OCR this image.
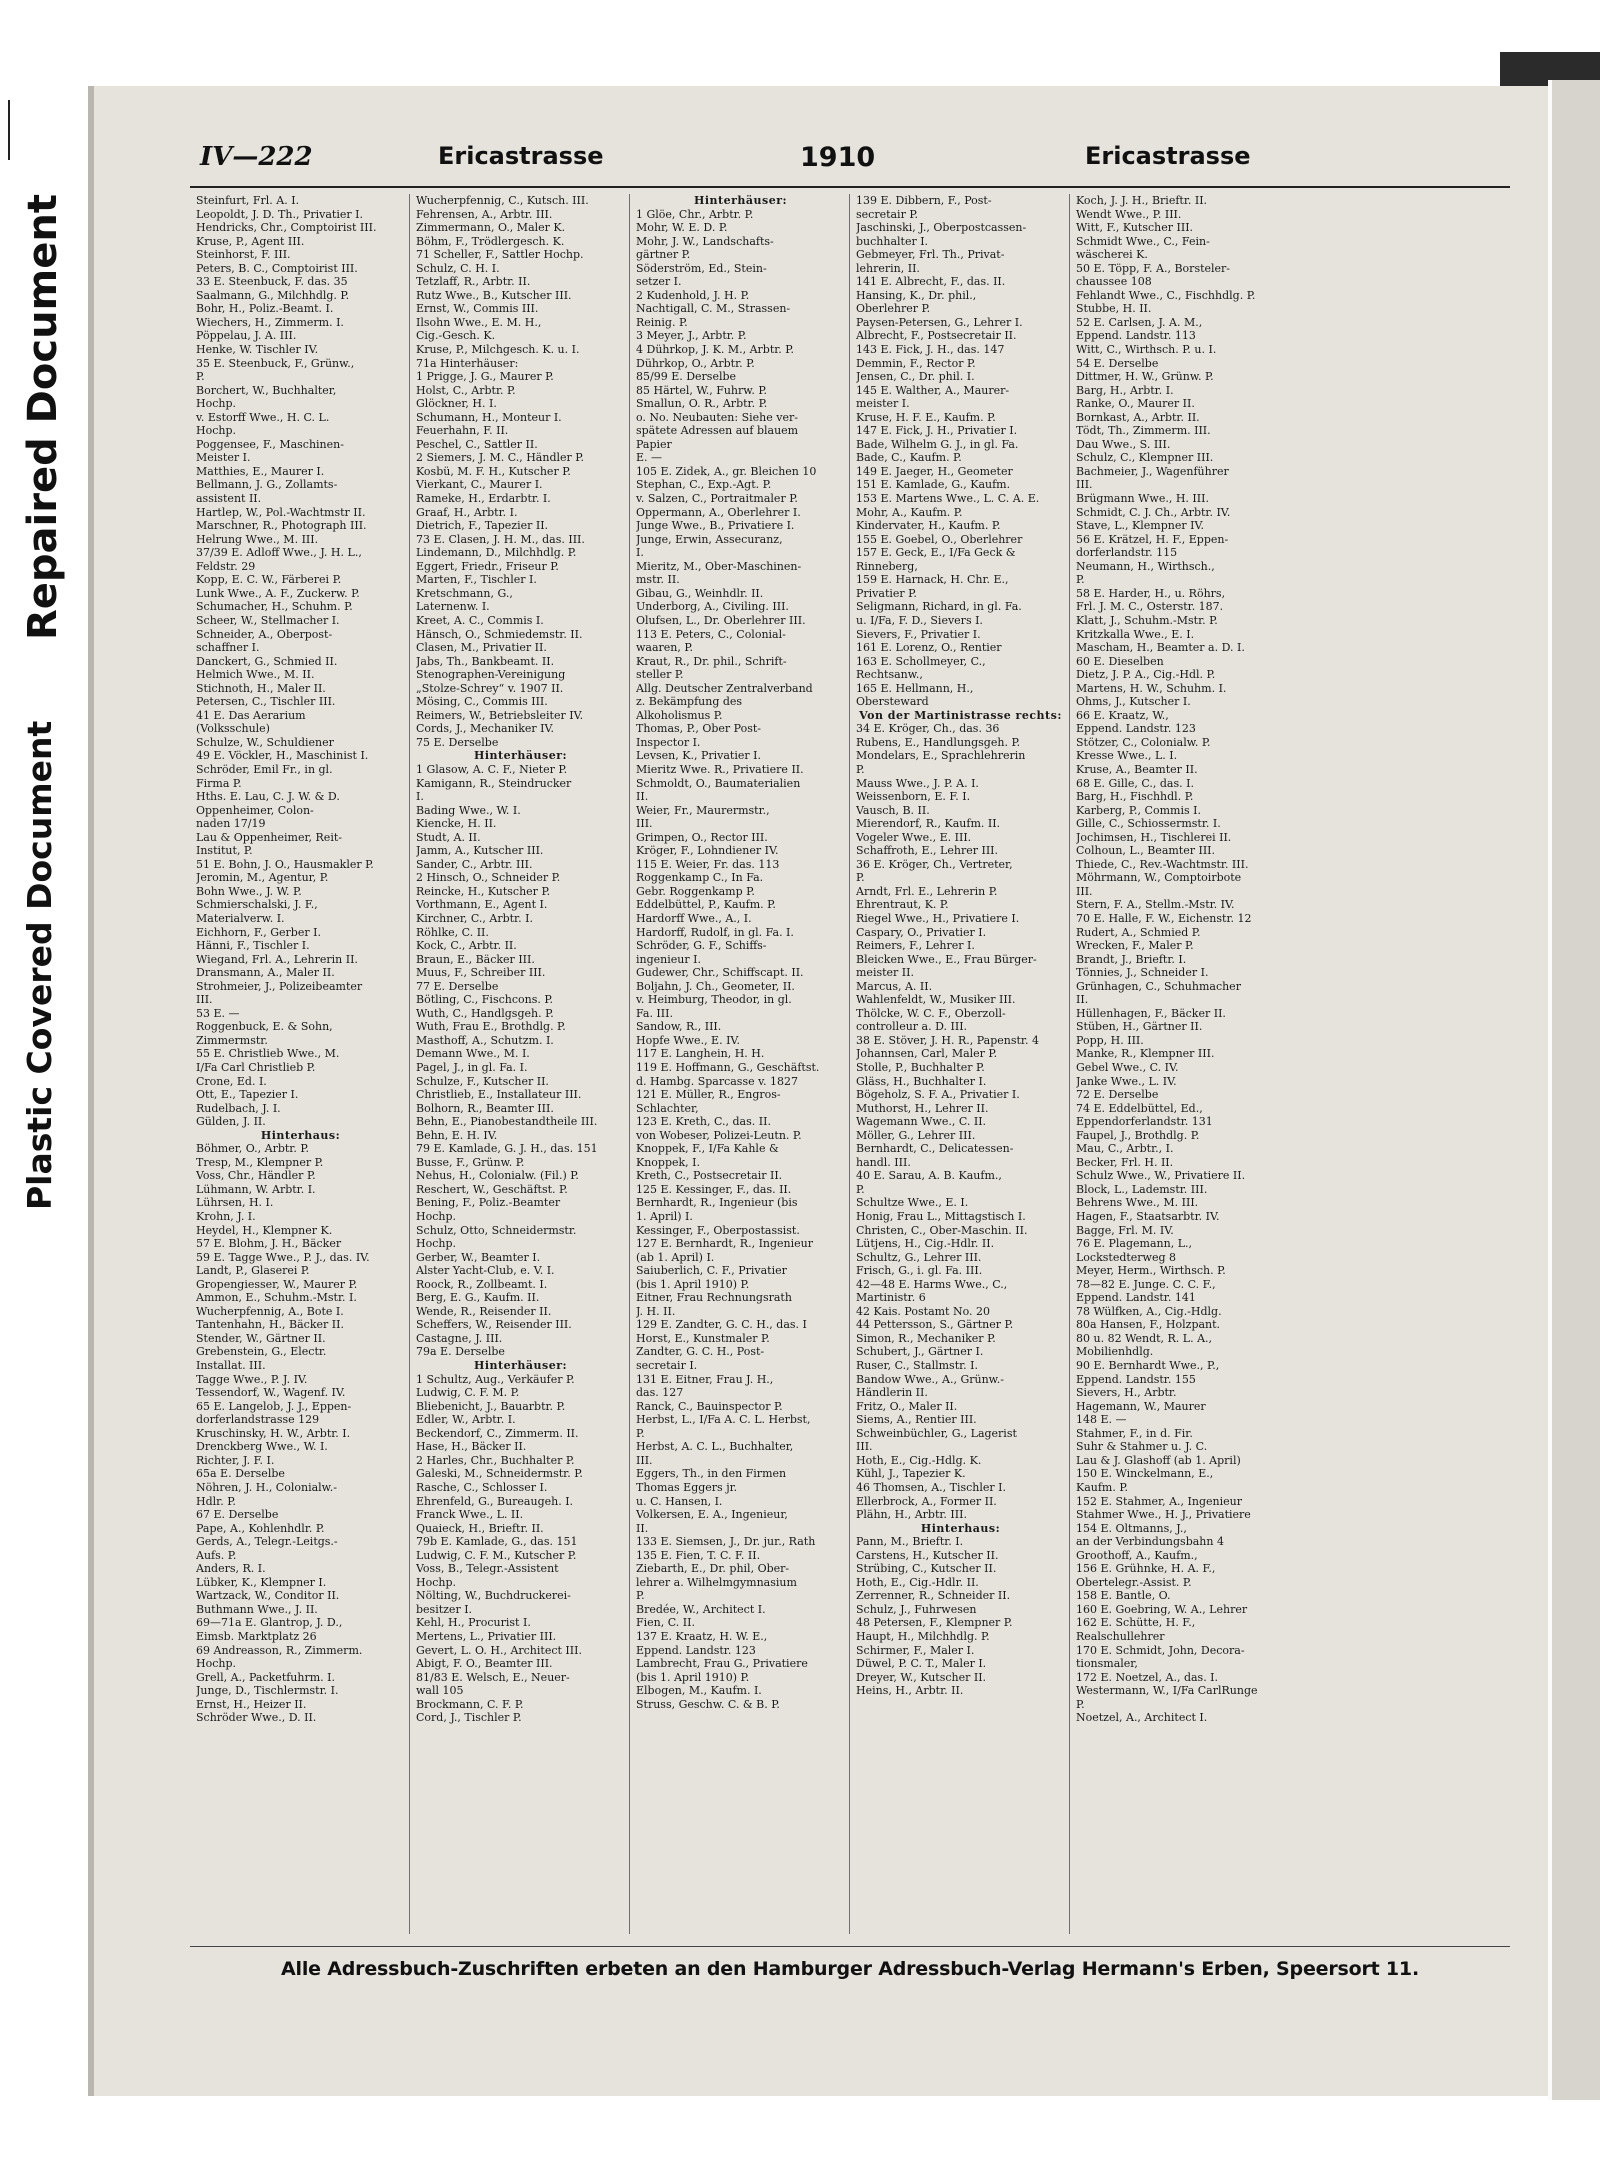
Repaired Document
Plastic Covered Document
IV—222	Ericastrasse	1910	Ericastrasse
Steinfurt, Frl. A. I.
Leopoldt, J. D. Th., Privatier I.
Hendricks, Chr., Comptoirist III.
Kruse, P., Agent III.
Steinhorst, F. III.
Peters, B. C., Comptoirist III.
33 E. Steenbuck, F. das. 35
Saalmann, G., Milchhdlg. P.
Bohr, H., Poliz.-Beamt. I.
Wiechers, H., Zimmerm. I.
Pöppelau, J. A. III.
Henke, W. Tischler IV.
35 E. Steenbuck, F., Grünw.,
P.
Borchert, W., Buchhalter,
Hochp.
v. Estorff Wwe., H. C. L.
Hochp.
Poggensee, F., Maschinen-
Meister I.
Matthies, E., Maurer I.
Bellmann, J. G., Zollamts-
assistent II.
Hartlep, W., Pol.-Wachtmstr II.
Marschner, R., Photograph III.
Helrung Wwe., M. III.
37/39 E. Adloff Wwe., J. H. L.,
Feldstr. 29
Kopp, E. C. W., Färberei P.
Lunk Wwe., A. F., Zuckerw. P.
Schumacher, H., Schuhm. P.
Scheer, W., Stellmacher I.
Schneider, A., Oberpost-
schaffner I.
Danckert, G., Schmied II.
Helmich Wwe., M. II.
Stichnoth, H., Maler II.
Petersen, C., Tischler III.
41 E. Das Aerarium
(Volksschule)
Schulze, W., Schuldiener
49 E. Vöckler, H., Maschinist I.
Schröder, Emil Fr., in gl.
Firma P.
Hths. E. Lau, C. J. W. & D.
Oppenheimer, Colon-
naden 17/19
Lau & Oppenheimer, Reit-
Institut, P.
51 E. Bohn, J. O., Hausmakler P.
Jeromin, M., Agentur, P.
Bohn Wwe., J. W. P.
Schmierschalski, J. F.,
Materialverw. I.
Eichhorn, F., Gerber I.
Hänni, F., Tischler I.
Wiegand, Frl. A., Lehrerin II.
Dransmann, A., Maler II.
Strohmeier, J., Polizeibeamter
III.
53 E. —
Roggenbuck, E. & Sohn,
Zimmermstr.
55 E. Christlieb Wwe., M.
I/Fa Carl Christlieb P.
Crone, Ed. I.
Ott, E., Tapezier I.
Rudelbach, J. I.
Gülden, J. II.
Hinterhaus:
Böhmer, O., Arbtr. P.
Tresp, M., Klempner P.
Voss, Chr., Händler P.
Lühmann, W. Arbtr. I.
Lührsen, H. I.
Krohn, J. I.
Heydel, H., Klempner K.
57 E. Blohm, J. H., Bäcker
59 E. Tagge Wwe., P. J., das. IV.
Landt, P., Glaserei P.
Gropengiesser, W., Maurer P.
Ammon, E., Schuhm.-Mstr. I.
Wucherpfennig, A., Bote I.
Tantenhahn, H., Bäcker II.
Stender, W., Gärtner II.
Grebenstein, G., Electr.
Installat. III.
Tagge Wwe., P. J. IV.
Tessendorf, W., Wagenf. IV.
65 E. Langelob, J. J., Eppen-
dorferlandstrasse 129
Kruschinsky, H. W., Arbtr. I.
Drenckberg Wwe., W. I.
Richter, J. F. I.
65a E. Derselbe
Nöhren, J. H., Colonialw.-
Hdlr. P.
67 E. Derselbe
Pape, A., Kohlenhdlr. P.
Gerds, A., Telegr.-Leitgs.-
Aufs. P.
Anders, R. I.
Lübker, K., Klempner I.
Wartzack, W., Conditor II.
Buthmann Wwe., J. II.
69—71a E. Glantrop, J. D.,
Eimsb. Marktplatz 26
69 Andreasson, R., Zimmerm.
Hochp.
Grell, A., Packetfuhrm. I.
Junge, D., Tischlermstr. I.
Ernst, H., Heizer II.
Schröder Wwe., D. II.
Wucherpfennig, C., Kutsch. III.
Fehrensen, A., Arbtr. III.
Zimmermann, O., Maler K.
Böhm, F., Trödlergesch. K.
71 Scheller, F., Sattler Hochp.
Schulz, C. H. I.
Tetzlaff, R., Arbtr. II.
Rutz Wwe., B., Kutscher III.
Ernst, W., Commis III.
Ilsohn Wwe., E. M. H.,
Cig.-Gesch. K.
Kruse, P., Milchgesch. K. u. I.
71a Hinterhäuser:
1 Prigge, J. G., Maurer P.
Holst, C., Arbtr. P.
Glöckner, H. I.
Schumann, H., Monteur I.
Feuerhahn, F. II.
Peschel, C., Sattler II.
2 Siemers, J. M. C., Händler P.
Kosbü, M. F. H., Kutscher P.
Vierkant, C., Maurer I.
Rameke, H., Erdarbtr. I.
Graaf, H., Arbtr. I.
Dietrich, F., Tapezier II.
73 E. Clasen, J. H. M., das. III.
Lindemann, D., Milchhdlg. P.
Eggert, Friedr., Friseur P.
Marten, F., Tischler I.
Kretschmann, G.,
Laternenw. I.
Kreet, A. C., Commis I.
Hänsch, O., Schmiedemstr. II.
Clasen, M., Privatier II.
Jabs, Th., Bankbeamt. II.
Stenographen-Vereinigung
„Stolze-Schrey“ v. 1907 II.
Mösing, C., Commis III.
Reimers, W., Betriebsleiter IV.
Cords, J., Mechaniker IV.
75 E. Derselbe
Hinterhäuser:
1 Glasow, A. C. F., Nieter P.
Kamigann, R., Steindrucker
I.
Bading Wwe., W. I.
Kiencke, H. II.
Studt, A. II.
Jamm, A., Kutscher III.
Sander, C., Arbtr. III.
2 Hinsch, O., Schneider P.
Reincke, H., Kutscher P.
Vorthmann, E., Agent I.
Kirchner, C., Arbtr. I.
Röhlke, C. II.
Kock, C., Arbtr. II.
Braun, E., Bäcker III.
Muus, F., Schreiber III.
77 E. Derselbe
Bötling, C., Fischcons. P.
Wuth, C., Handlgsgeh. P.
Wuth, Frau E., Brothdlg. P.
Masthoff, A., Schutzm. I.
Demann Wwe., M. I.
Pagel, J., in gl. Fa. I.
Schulze, F., Kutscher II.
Christlieb, E., Installateur III.
Bolhorn, R., Beamter III.
Behn, E., Pianobestandtheile III.
Behn, E. H. IV.
79 E. Kamlade, G. J. H., das. 151
Busse, F., Grünw. P.
Nehus, H., Colonialw. (Fil.) P.
Reschert, W., Geschäftst. P.
Bening, F., Poliz.-Beamter
Hochp.
Schulz, Otto, Schneidermstr.
Hochp.
Gerber, W., Beamter I.
Alster Yacht-Club, e. V. I.
Roock, R., Zollbeamt. I.
Berg, E. G., Kaufm. II.
Wende, R., Reisender II.
Scheffers, W., Reisender III.
Castagne, J. III.
79a E. Derselbe
Hinterhäuser:
1 Schultz, Aug., Verkäufer P.
Ludwig, C. F. M. P.
Bliebenicht, J., Bauarbtr. P.
Edler, W., Arbtr. I.
Beckendorf, C., Zimmerm. II.
Hase, H., Bäcker II.
2 Harles, Chr., Buchhalter P.
Galeski, M., Schneidermstr. P.
Rasche, C., Schlosser I.
Ehrenfeld, G., Bureaugeh. I.
Franck Wwe., L. II.
Quaieck, H., Brieftr. II.
79b E. Kamlade, G., das. 151
Ludwig, C. F. M., Kutscher P.
Voss, B., Telegr.-Assistent
Hochp.
Nölting, W., Buchdruckerei-
besitzer I.
Kehl, H., Procurist I.
Mertens, L., Privatier III.
Gevert, L. O. H., Architect III.
Abigt, F. O., Beamter III.
81/83 E. Welsch, E., Neuer-
wall 105
Brockmann, C. F. P.
Cord, J., Tischler P.
Hinterhäuser:
1 Glöe, Chr., Arbtr. P.
Mohr, W. E. D. P.
Mohr, J. W., Landschafts-
gärtner P.
Söderström, Ed., Stein-
setzer I.
2 Kudenhold, J. H. P.
Nachtigall, C. M., Strassen-
Reinig. P.
3 Meyer, J., Arbtr. P.
4 Dührkop, J. K. M., Arbtr. P.
Dührkop, O., Arbtr. P.
85/99 E. Derselbe
85 Härtel, W., Fuhrw. P.
Smallun, O. R., Arbtr. P.
o. No. Neubauten: Siehe ver-
spätete Adressen auf blauem
Papier
E. —
105 E. Zidek, A., gr. Bleichen 10
Stephan, C., Exp.-Agt. P.
v. Salzen, C., Portraitmaler P.
Oppermann, A., Oberlehrer I.
Junge Wwe., B., Privatiere I.
Junge, Erwin, Assecuranz,
I.
Mieritz, M., Ober-Maschinen-
mstr. II.
Gibau, G., Weinhdlr. II.
Underborg, A., Civiling. III.
Olufsen, L., Dr. Oberlehrer III.
113 E. Peters, C., Colonial-
waaren, P.
Kraut, R., Dr. phil., Schrift-
steller P.
Allg. Deutscher Zentralverband
z. Bekämpfung des
Alkoholismus P.
Thomas, P., Ober Post-
Inspector I.
Levsen, K., Privatier I.
Mieritz Wwe. R., Privatiere II.
Schmoldt, O., Baumaterialien
II.
Weier, Fr., Maurermstr.,
III.
Grimpen, O., Rector III.
Kröger, F., Lohndiener IV.
115 E. Weier, Fr. das. 113
Roggenkamp C., In Fa.
Gebr. Roggenkamp P.
Eddelbüttel, P., Kaufm. P.
Hardorff Wwe., A., I.
Hardorff, Rudolf, in gl. Fa. I.
Schröder, G. F., Schiffs-
ingenieur I.
Gudewer, Chr., Schiffscapt. II.
Boljahn, J. Ch., Geometer, II.
v. Heimburg, Theodor, in gl.
Fa. III.
Sandow, R., III.
Hopfe Wwe., E. IV.
117 E. Langhein, H. H.
119 E. Hoffmann, G., Geschäftst.
d. Hambg. Sparcasse v. 1827
121 E. Müller, R., Engros-
Schlachter,
123 E. Kreth, C., das. II.
von Wobeser, Polizei-Leutn. P.
Knoppek, F., I/Fa Kahle &
Knoppek, I.
Kreth, C., Postsecretair II.
125 E. Kessinger, F., das. II.
Bernhardt, R., Ingenieur (bis
1. April) I.
Kessinger, F., Oberpostassist.
127 E. Bernhardt, R., Ingenieur
(ab 1. April) I.
Saiuberlich, C. F., Privatier
(bis 1. April 1910) P.
Eitner, Frau Rechnungsrath
J. H. II.
129 E. Zandter, G. C. H., das. I
Horst, E., Kunstmaler P.
Zandter, G. C. H., Post-
secretair I.
131 E. Eitner, Frau J. H.,
das. 127
Ranck, C., Bauinspector P.
Herbst, L., I/Fa A. C. L. Herbst,
P.
Herbst, A. C. L., Buchhalter,
III.
Eggers, Th., in den Firmen
Thomas Eggers jr.
u. C. Hansen, I.
Volkersen, E. A., Ingenieur,
II.
133 E. Siemsen, J., Dr. jur., Rath
135 E. Fien, T. C. F. II.
Ziebarth, E., Dr. phil, Ober-
lehrer a. Wilhelmgymnasium
P.
Bredée, W., Architect I.
Fien, C. II.
137 E. Kraatz, H. W. E.,
Eppend. Landstr. 123
Lambrecht, Frau G., Privatiere
(bis 1. April 1910) P.
Elbogen, M., Kaufm. I.
Struss, Geschw. C. & B. P.
139 E. Dibbern, F., Post-
secretair P.
Jaschinski, J., Oberpostcassen-
buchhalter I.
Gebmeyer, Frl. Th., Privat-
lehrerin, II.
141 E. Albrecht, F., das. II.
Hansing, K., Dr. phil.,
Oberlehrer P.
Paysen-Petersen, G., Lehrer I.
Albrecht, F., Postsecretair II.
143 E. Fick, J. H., das. 147
Demmin, F., Rector P.
Jensen, C., Dr. phil. I.
145 E. Walther, A., Maurer-
meister I.
Kruse, H. F. E., Kaufm. P.
147 E. Fick, J. H., Privatier I.
Bade, Wilhelm G. J., in gl. Fa.
Bade, C., Kaufm. P.
149 E. Jaeger, H., Geometer
151 E. Kamlade, G., Kaufm.
153 E. Martens Wwe., L. C. A. E.
Mohr, A., Kaufm. P.
Kindervater, H., Kaufm. P.
155 E. Goebel, O., Oberlehrer
157 E. Geck, E., I/Fa Geck &
Rinneberg,
159 E. Harnack, H. Chr. E.,
Privatier P.
Seligmann, Richard, in gl. Fa.
u. I/Fa, F. D., Sievers I.
Sievers, F., Privatier I.
161 E. Lorenz, O., Rentier
163 E. Schollmeyer, C.,
Rechtsanw.,
165 E. Hellmann, H.,
Obersteward
Von der Martinistrasse rechts:
34 E. Kröger, Ch., das. 36
Rubens, E., Handlungsgeh. P.
Mondelars, E., Sprachlehrerin
P.
Mauss Wwe., J. P. A. I.
Weissenborn, E. F. I.
Vausch, B. II.
Mierendorf, R., Kaufm. II.
Vogeler Wwe., E. III.
Schaffroth, E., Lehrer III.
36 E. Kröger, Ch., Vertreter,
P.
Arndt, Frl. E., Lehrerin P.
Ehrentraut, K. P.
Riegel Wwe., H., Privatiere I.
Caspary, O., Privatier I.
Reimers, F., Lehrer I.
Bleicken Wwe., E., Frau Bürger-
meister II.
Marcus, A. II.
Wahlenfeldt, W., Musiker III.
Thölcke, W. C. F., Oberzoll-
controlleur a. D. III.
38 E. Stöver, J. H. R., Papenstr. 4
Johannsen, Carl, Maler P.
Stolle, P., Buchhalter P.
Gläss, H., Buchhalter I.
Bögeholz, S. F. A., Privatier I.
Muthorst, H., Lehrer II.
Wagemann Wwe., C. II.
Möller, G., Lehrer III.
Bernhardt, C., Delicatessen-
handl. III.
40 E. Sarau, A. B. Kaufm.,
P.
Schultze Wwe., E. I.
Honig, Frau L., Mittagstisch I.
Christen, C., Ober-Maschin. II.
Lütjens, H., Cig.-Hdlr. II.
Schultz, G., Lehrer III.
Frisch, G., i. gl. Fa. III.
42—48 E. Harms Wwe., C.,
Martinistr. 6
42 Kais. Postamt No. 20
44 Pettersson, S., Gärtner P.
Simon, R., Mechaniker P.
Schubert, J., Gärtner I.
Ruser, C., Stallmstr. I.
Bandow Wwe., A., Grünw.-
Händlerin II.
Fritz, O., Maler II.
Siems, A., Rentier III.
Schweinbüchler, G., Lagerist
III.
Hoth, E., Cig.-Hdlg. K.
Kühl, J., Tapezier K.
46 Thomsen, A., Tischler I.
Ellerbrock, A., Former II.
Plähn, H., Arbtr. III.
Hinterhaus:
Pann, M., Brieftr. I.
Carstens, H., Kutscher II.
Strübing, C., Kutscher II.
Hoth, E., Cig.-Hdlr. II.
Zerrenner, R., Schneider II.
Schulz, J., Fuhrwesen
48 Petersen, F., Klempner P.
Haupt, H., Milchhdlg. P.
Schirmer, F., Maler I.
Düwel, P. C. T., Maler I.
Dreyer, W., Kutscher II.
Heins, H., Arbtr. II.
Koch, J. J. H., Brieftr. II.
Wendt Wwe., P. III.
Witt, F., Kutscher III.
Schmidt Wwe., C., Fein-
wäscherei K.
50 E. Töpp, F. A., Borsteler-
chaussee 108
Fehlandt Wwe., C., Fischhdlg. P.
Stubbe, H. II.
52 E. Carlsen, J. A. M.,
Eppend. Landstr. 113
Witt, C., Wirthsch. P. u. I.
54 E. Derselbe
Dittmer, H. W., Grünw. P.
Barg, H., Arbtr. I.
Ranke, O., Maurer II.
Bornkast, A., Arbtr. II.
Tödt, Th., Zimmerm. III.
Dau Wwe., S. III.
Schulz, C., Klempner III.
Bachmeier, J., Wagenführer
III.
Brügmann Wwe., H. III.
Schmidt, C. J. Ch., Arbtr. IV.
Stave, L., Klempner IV.
56 E. Krätzel, H. F., Eppen-
dorferlandstr. 115
Neumann, H., Wirthsch.,
P.
58 E. Harder, H., u. Röhrs,
Frl. J. M. C., Osterstr. 187.
Klatt, J., Schuhm.-Mstr. P.
Kritzkalla Wwe., E. I.
Mascham, H., Beamter a. D. I.
60 E. Dieselben
Dietz, J. P. A., Cig.-Hdl. P.
Martens, H. W., Schuhm. I.
Ohms, J., Kutscher I.
66 E. Kraatz, W.,
Eppend. Landstr. 123
Stötzer, C., Colonialw. P.
Kresse Wwe., L. I.
Kruse, A., Beamter II.
68 E. Gille, C., das. I.
Barg, H., Fischhdl. P.
Karberg, P., Commis I.
Gille, C., Schiossermstr. I.
Jochimsen, H., Tischlerei II.
Colhoun, L., Beamter III.
Thiede, C., Rev.-Wachtmstr. III.
Möhrmann, W., Comptoirbote
III.
Stern, F. A., Stellm.-Mstr. IV.
70 E. Halle, F. W., Eichenstr. 12
Rudert, A., Schmied P.
Wrecken, F., Maler P.
Brandt, J., Brieftr. I.
Tönnies, J., Schneider I.
Grünhagen, C., Schuhmacher
II.
Hüllenhagen, F., Bäcker II.
Stüben, H., Gärtner II.
Popp, H. III.
Manke, R., Klempner III.
Gebel Wwe., C. IV.
Janke Wwe., L. IV.
72 E. Derselbe
74 E. Eddelbüttel, Ed.,
Eppendorferlandstr. 131
Faupel, J., Brothdlg. P.
Mau, C., Arbtr., I.
Becker, Frl. H. II.
Schulz Wwe., W., Privatiere II.
Block, L., Lademstr. III.
Behrens Wwe., M. III.
Hagen, F., Staatsarbtr. IV.
Bagge, Frl. M. IV.
76 E. Plagemann, L.,
Lockstedterweg 8
Meyer, Herm., Wirthsch. P.
78—82 E. Junge. C. C. F.,
Eppend. Landstr. 141
78 Wülfken, A., Cig.-Hdlg.
80a Hansen, F., Holzpant.
80 u. 82 Wendt, R. L. A.,
Mobilienhdlg.
90 E. Bernhardt Wwe., P.,
Eppend. Landstr. 155
Sievers, H., Arbtr.
Hagemann, W., Maurer
148 E. —
Stahmer, F., in d. Fir.
Suhr & Stahmer u. J. C.
Lau & J. Glashoff (ab 1. April)
150 E. Winckelmann, E.,
Kaufm. P.
152 E. Stahmer, A., Ingenieur
Stahmer Wwe., H. J., Privatiere
154 E. Oltmanns, J.,
an der Verbindungsbahn 4
Groothoff, A., Kaufm.,
156 E. Grühnke, H. A. F.,
Obertelegr.-Assist. P.
158 E. Bantle, O.
160 E. Goebring, W. A., Lehrer
162 E. Schütte, H. F.,
Realschullehrer
170 E. Schmidt, John, Decora-
tionsmaler,
172 E. Noetzel, A., das. I.
Westermann, W., I/Fa CarlRunge
P.
Noetzel, A., Architect I.
Alle Adressbuch-Zuschriften erbeten an den Hamburger Adressbuch-Verlag Hermann's Erben, Speersort 11.
